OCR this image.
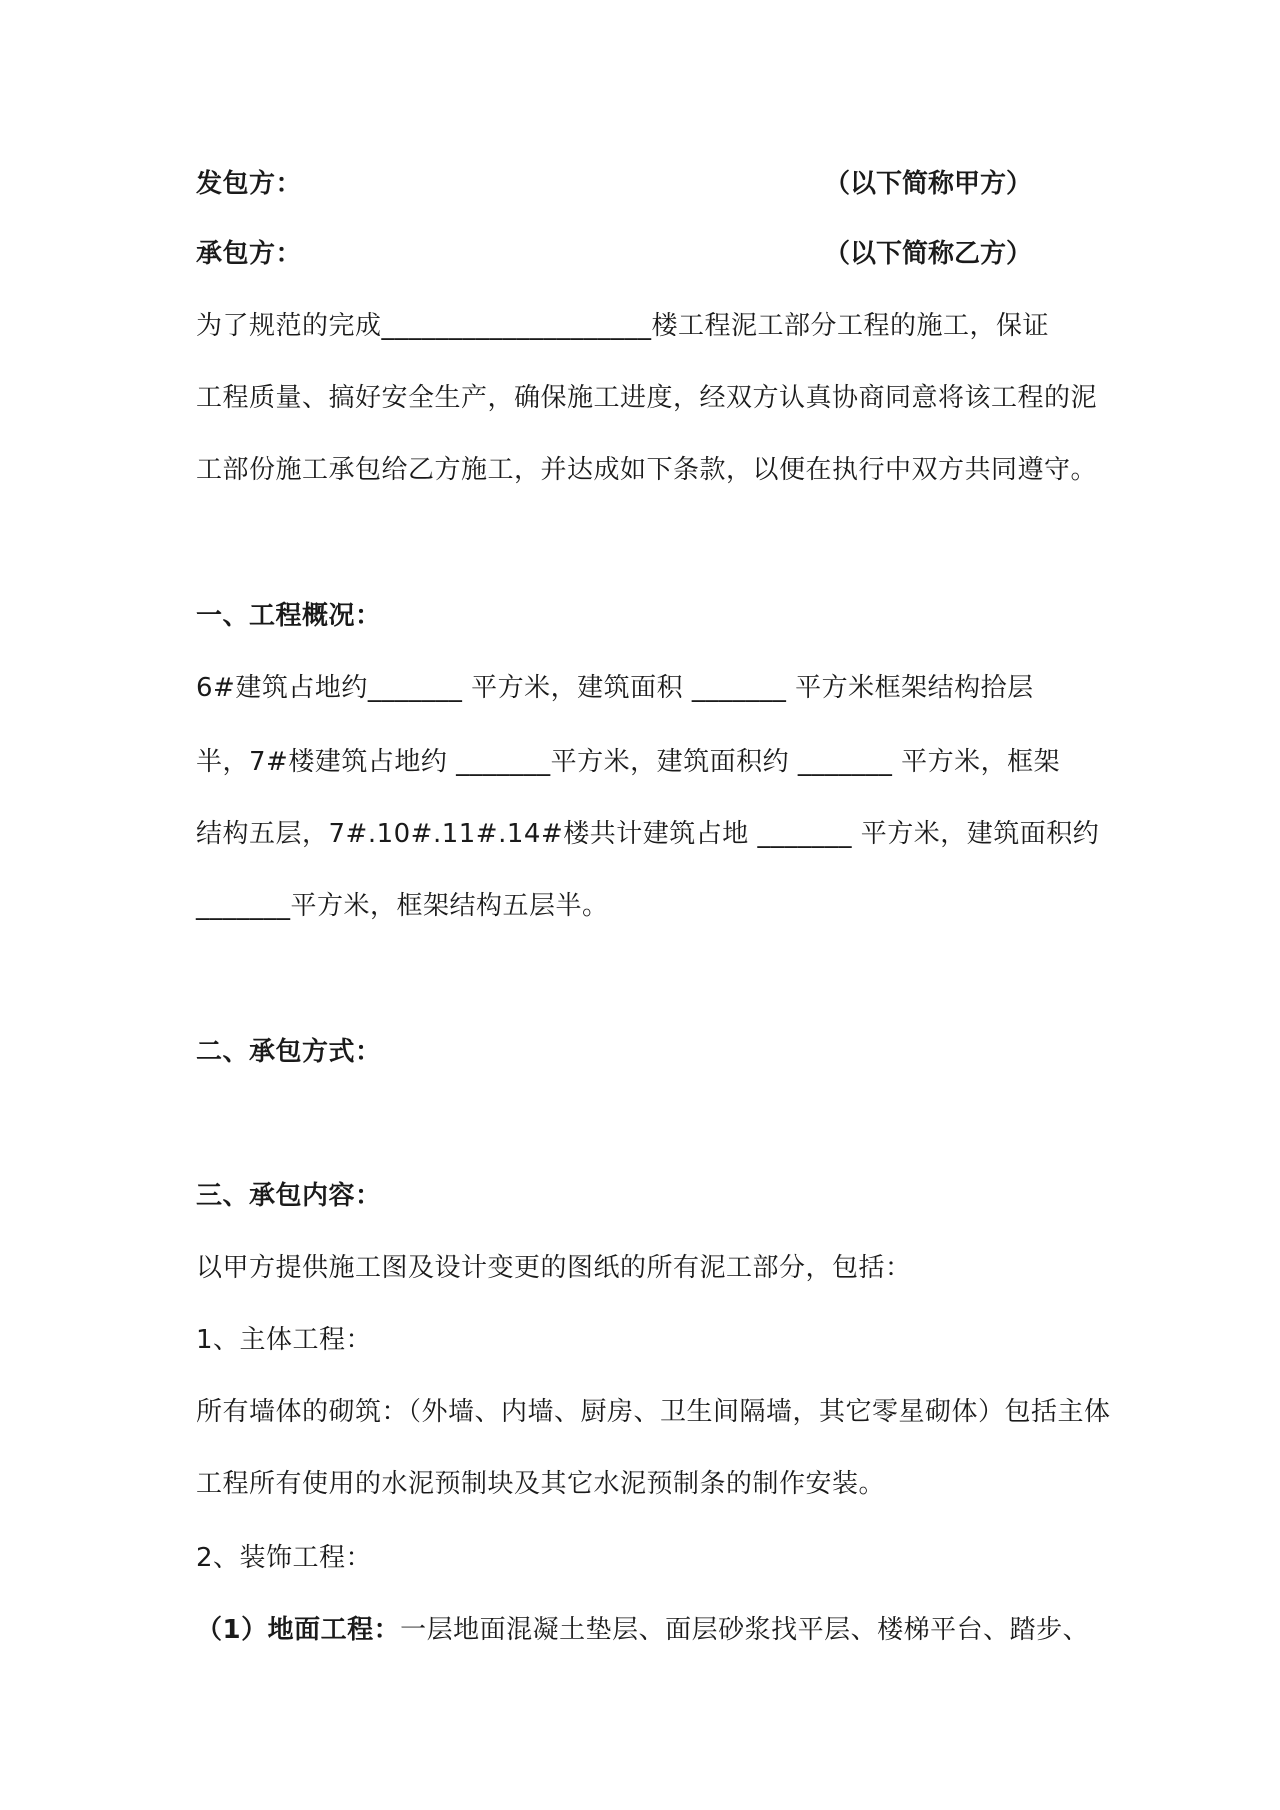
发包方：	（以下简称甲方）
承包方：	（以下简称乙方）
为了规范的完成____________________楼工程泥工部分工程的施工，保证
工程质量、搞好安全生产，确保施工进度，经双方认真协商同意将该工程的泥
工部份施工承包给乙方施工，并达成如下条款，以便在执行中双方共同遵守。
一、工程概况：
6#建筑占地约_______ 平方米，建筑面积 _______ 平方米框架结构拾层
半，7#楼建筑占地约 _______平方米，建筑面积约 _______ 平方米，框架
结构五层，7#.10#.11#.14#楼共计建筑占地 _______ 平方米，建筑面积约
_______平方米，框架结构五层半。
二、承包方式：
三、承包内容：
以甲方提供施工图及设计变更的图纸的所有泥工部分，包括：
1、主体工程：
所有墙体的砌筑：（外墙、内墙、厨房、卫生间隔墙，其它零星砌体）包括主体
工程所有使用的水泥预制块及其它水泥预制条的制作安装。
2、装饰工程：
（1）地面工程：一层地面混凝土垫层、面层砂浆找平层、楼梯平台、踏步、
